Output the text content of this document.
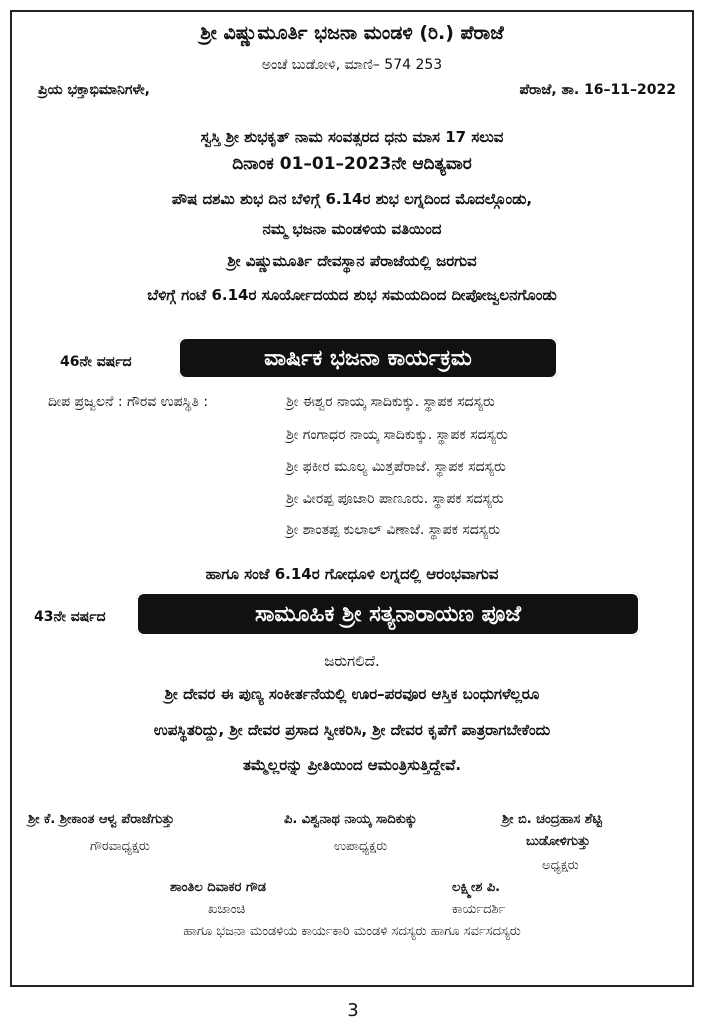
ಶ್ರೀ ವಿಷ್ಣುಮೂರ್ತಿ ಭಜನಾ ಮಂಡಳಿ (ರಿ.) ಪೆರಾಜೆ
ಅಂಚೆ ಬುಡೋಳಿ, ಮಾಣಿ– 574 253
ಪ್ರಿಯ ಭಕ್ತಾಭಿಮಾನಿಗಳೇ,	ಪೆರಾಜೆ, ತಾ. 16–11–2022
ಸ್ವಸ್ತಿ ಶ್ರೀ ಶುಭಕೃತ್ ನಾಮ ಸಂವತ್ಸರದ ಧನು ಮಾಸ 17 ಸಲುವ
ದಿನಾಂಕ 01–01–2023ನೇ ಆದಿತ್ಯವಾರ
ಪೌಷ ದಶಮಿ ಶುಭ ದಿನ ಬೆಳಿಗ್ಗೆ 6.14ರ ಶುಭ ಲಗ್ನದಿಂದ ಮೊದಲ್ಗೊಂಡು,
ನಮ್ಮ ಭಜನಾ ಮಂಡಳಿಯ ವತಿಯಿಂದ
ಶ್ರೀ ವಿಷ್ಣುಮೂರ್ತಿ ದೇವಸ್ಥಾನ ಪೆರಾಜೆಯಲ್ಲಿ ಜರಗುವ
ಬೆಳಿಗ್ಗೆ ಗಂಟೆ 6.14ರ ಸೂರ್ಯೋದಯದ ಶುಭ ಸಮಯದಿಂದ ದೀಪೋಜ್ವಲನಗೊಂಡು
46ನೇ ವರ್ಷದ	ವಾರ್ಷಿಕ ಭಜನಾ ಕಾರ್ಯಕ್ರಮ
ದೀಪ ಪ್ರಜ್ವಲನೆ : ಗೌರವ ಉಪಸ್ಥಿತಿ :	ಶ್ರೀ ಈಶ್ವರ ನಾಯ್ಕ ಸಾದಿಕುಕ್ಕು. ಸ್ಥಾಪಕ ಸದಸ್ಯರು
ಶ್ರೀ ಗಂಗಾಧರ ನಾಯ್ಕ ಸಾದಿಕುಕ್ಕು. ಸ್ಥಾಪಕ ಸದಸ್ಯರು
ಶ್ರೀ ಫಕೀರ ಮೂಲ್ಯ ಮಿತ್ತಪೆರಾಜೆ. ಸ್ಥಾಪಕ ಸದಸ್ಯರು
ಶ್ರೀ ವೀರಪ್ಪ ಪೂಜಾರಿ ಪಾಣೂರು. ಸ್ಥಾಪಕ ಸದಸ್ಯರು
ಶ್ರೀ ಶಾಂತಪ್ಪ ಕುಲಾಲ್ ವಿಣಾಜೆ. ಸ್ಥಾಪಕ ಸದಸ್ಯರು
ಹಾಗೂ ಸಂಜೆ 6.14ರ ಗೋಧೂಳಿ ಲಗ್ನದಲ್ಲಿ ಆರಂಭವಾಗುವ
43ನೇ ವರ್ಷದ	ಸಾಮೂಹಿಕ ಶ್ರೀ ಸತ್ಯನಾರಾಯಣ ಪೂಜೆ
ಜರುಗಲಿದೆ.
ಶ್ರೀ ದೇವರ ಈ ಪುಣ್ಯ ಸಂಕೀರ್ತನೆಯಲ್ಲಿ ಊರ–ಪರವೂರ ಆಸ್ತಿಕ ಬಂಧುಗಳೆಲ್ಲರೂ
ಉಪಸ್ಥಿತರಿದ್ದು, ಶ್ರೀ ದೇವರ ಪ್ರಸಾದ ಸ್ವೀಕರಿಸಿ, ಶ್ರೀ ದೇವರ ಕೃಪೆಗೆ ಪಾತ್ರರಾಗಬೇಕೆಂದು
ತಮ್ಮೆಲ್ಲರನ್ನು ಪ್ರೀತಿಯಿಂದ ಆಮಂತ್ರಿಸುತ್ತಿದ್ದೇವೆ.
ಶ್ರೀ ಕೆ. ಶ್ರೀಕಾಂತ ಆಳ್ವ ಪೆರಾಜೆಗುತ್ತು
ಗೌರವಾಧ್ಯಕ್ಷರು
ಪಿ. ವಿಶ್ವನಾಥ ನಾಯ್ಕ ಸಾದಿಕುಕ್ಕು
ಉಪಾಧ್ಯಕ್ಷರು
ಶ್ರೀ ಬಿ. ಚಂದ್ರಹಾಸ ಶೆಟ್ಟಿ
ಬುಡೋಳಿಗುತ್ತು
ಅಧ್ಯಕ್ಷರು
ಶಾಂತಿಲ ದಿವಾಕರ ಗೌಡ
ಖಜಾಂಚಿ
ಲಕ್ಷ್ಮೀಶ ಪಿ.
ಕಾರ್ಯದರ್ಶಿ
ಹಾಗೂ ಭಜನಾ ಮಂಡಳಿಯ ಕಾರ್ಯಕಾರಿ ಮಂಡಳಿ ಸದಸ್ಯರು ಹಾಗೂ ಸರ್ವಸದಸ್ಯರು
3
